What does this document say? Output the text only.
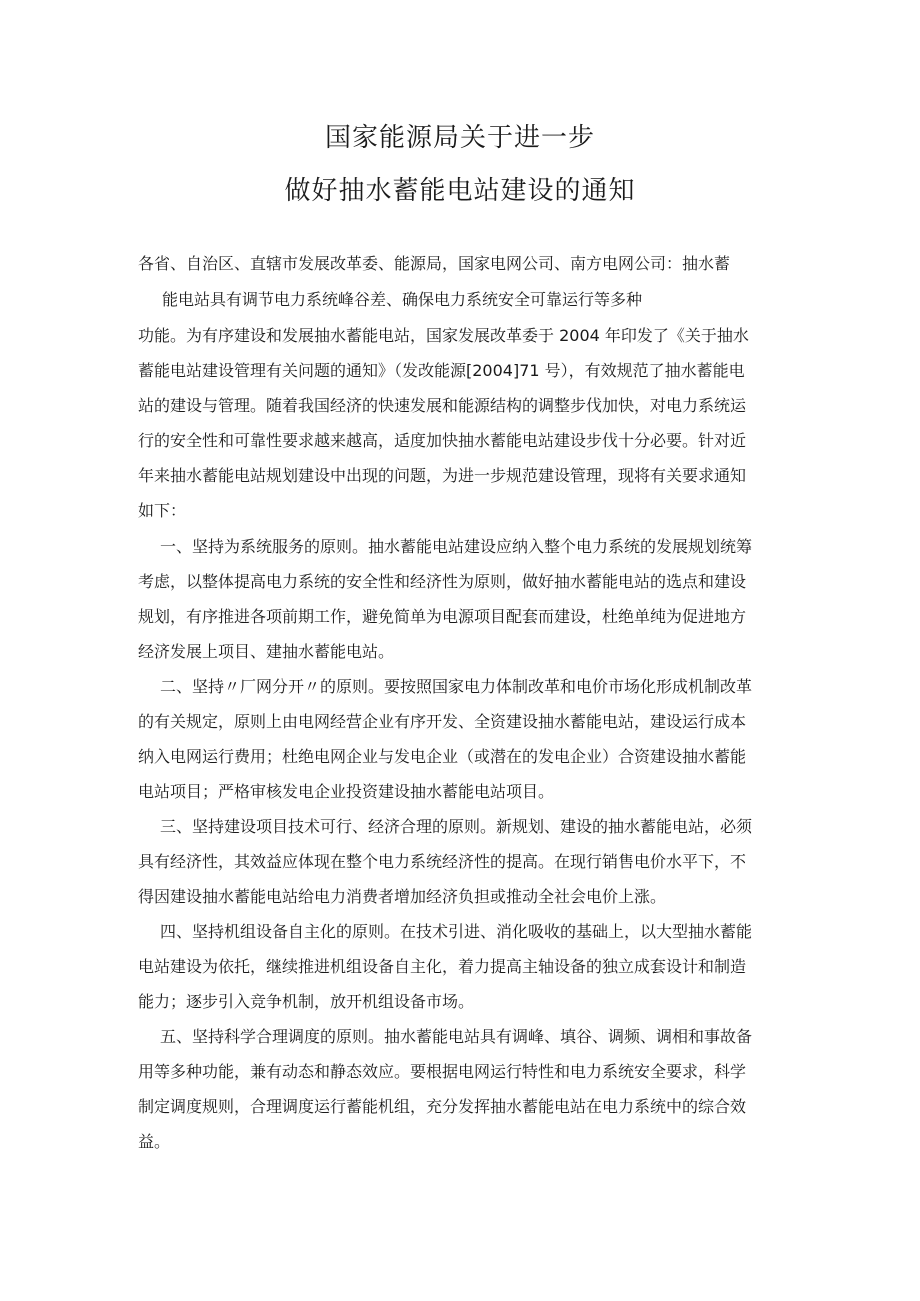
国家能源局关于进一步
做好抽水蓄能电站建设的通知
各省、自治区、直辖市发展改革委、能源局，国家电网公司、南方电网公司：抽水蓄
能电站具有调节电力系统峰谷差、确保电力系统安全可靠运行等多种
功能。为有序建设和发展抽水蓄能电站，国家发展改革委于 2004 年印发了《关于抽水
蓄能电站建设管理有关问题的通知》（发改能源[2004]71 号），有效规范了抽水蓄能电
站的建设与管理。随着我国经济的快速发展和能源结构的调整步伐加快，对电力系统运
行的安全性和可靠性要求越来越高，适度加快抽水蓄能电站建设步伐十分必要。针对近
年来抽水蓄能电站规划建设中出现的问题，为进一步规范建设管理，现将有关要求通知
如下：
一、坚持为系统服务的原则。抽水蓄能电站建设应纳入整个电力系统的发展规划统筹
考虑，以整体提高电力系统的安全性和经济性为原则，做好抽水蓄能电站的选点和建设
规划，有序推进各项前期工作，避免简单为电源项目配套而建设，杜绝单纯为促进地方
经济发展上项目、建抽水蓄能电站。
二、坚持〃厂网分开〃的原则。要按照国家电力体制改革和电价市场化形成机制改革
的有关规定，原则上由电网经营企业有序开发、全资建设抽水蓄能电站，建设运行成本
纳入电网运行费用；杜绝电网企业与发电企业（或潜在的发电企业）合资建设抽水蓄能
电站项目；严格审核发电企业投资建设抽水蓄能电站项目。
三、坚持建设项目技术可行、经济合理的原则。新规划、建设的抽水蓄能电站，必须
具有经济性，其效益应体现在整个电力系统经济性的提高。在现行销售电价水平下，不
得因建设抽水蓄能电站给电力消费者增加经济负担或推动全社会电价上涨。
四、坚持机组设备自主化的原则。在技术引进、消化吸收的基础上，以大型抽水蓄能
电站建设为依托，继续推进机组设备自主化，着力提高主轴设备的独立成套设计和制造
能力；逐步引入竞争机制，放开机组设备市场。
五、坚持科学合理调度的原则。抽水蓄能电站具有调峰、填谷、调频、调相和事故备
用等多种功能，兼有动态和静态效应。要根据电网运行特性和电力系统安全要求，科学
制定调度规则，合理调度运行蓄能机组，充分发挥抽水蓄能电站在电力系统中的综合效
益。
